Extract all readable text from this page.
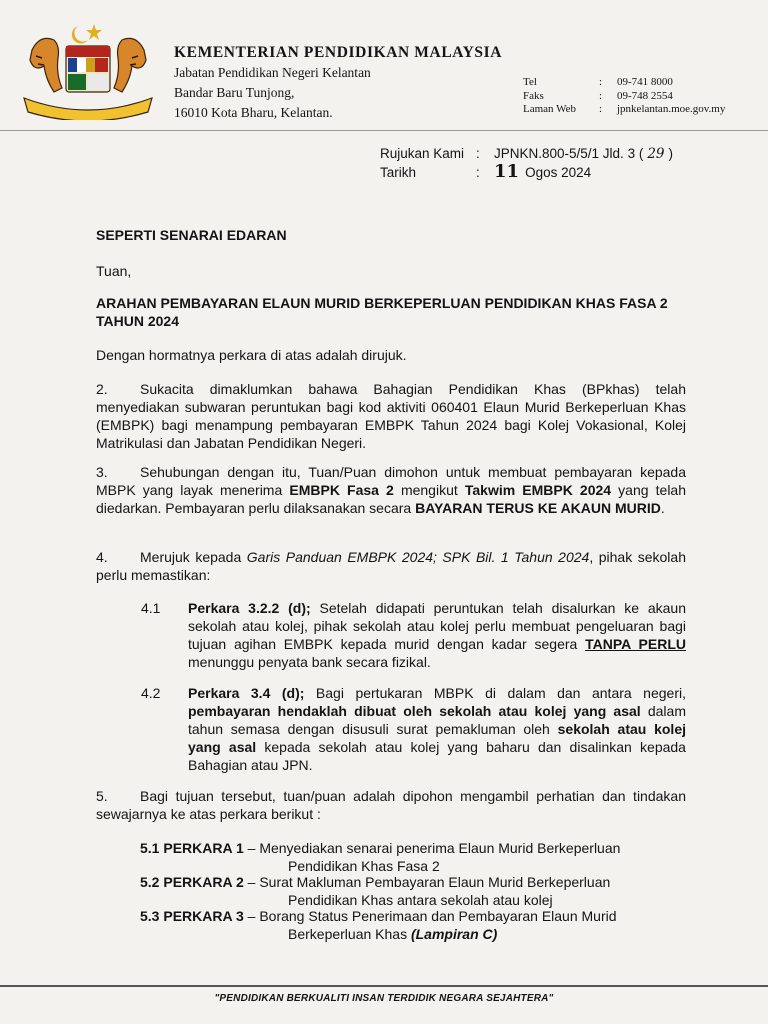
KEMENTERIAN PENDIDIKAN MALAYSIA
Jabatan Pendidikan Negeri Kelantan
Bandar Baru Tunjong,
16010 Kota Bharu, Kelantan.
Tel	:	09-741 8000
Faks	:	09-748 2554
Laman Web	:	jpnkelantan.moe.gov.my
Rujukan Kami :	JPNKN.800-5/5/1 Jld. 3 ( 29 )
Tarikh	: 11 Ogos 2024
SEPERTI SENARAI EDARAN
Tuan,
ARAHAN PEMBAYARAN ELAUN MURID BERKEPERLUAN PENDIDIKAN KHAS FASA 2 TAHUN 2024
Dengan hormatnya perkara di atas adalah dirujuk.
2. Sukacita dimaklumkan bahawa Bahagian Pendidikan Khas (BPkhas) telah menyediakan subwaran peruntukan bagi kod aktiviti 060401 Elaun Murid Berkeperluan Khas (EMBPK) bagi menampung pembayaran EMBPK Tahun 2024 bagi Kolej Vokasional, Kolej Matrikulasi dan Jabatan Pendidikan Negeri.
3. Sehubungan dengan itu, Tuan/Puan dimohon untuk membuat pembayaran kepada MBPK yang layak menerima EMBPK Fasa 2 mengikut Takwim EMBPK 2024 yang telah diedarkan. Pembayaran perlu dilaksanakan secara BAYARAN TERUS KE AKAUN MURID.
4. Merujuk kepada Garis Panduan EMBPK 2024; SPK Bil. 1 Tahun 2024, pihak sekolah perlu memastikan:
4.1 Perkara 3.2.2 (d); Setelah didapati peruntukan telah disalurkan ke akaun sekolah atau kolej, pihak sekolah atau kolej perlu membuat pengeluaran bagi tujuan agihan EMBPK kepada murid dengan kadar segera TANPA PERLU menunggu penyata bank secara fizikal.
4.2 Perkara 3.4 (d); Bagi pertukaran MBPK di dalam dan antara negeri, pembayaran hendaklah dibuat oleh sekolah atau kolej yang asal dalam tahun semasa dengan disusuli surat pemakluman oleh sekolah atau kolej yang asal kepada sekolah atau kolej yang baharu dan disalinkan kepada Bahagian atau JPN.
5. Bagi tujuan tersebut, tuan/puan adalah dipohon mengambil perhatian dan tindakan sewajarnya ke atas perkara berikut :
5.1 PERKARA 1 – Menyediakan senarai penerima Elaun Murid Berkeperluan
Pendidikan Khas Fasa 2
5.2 PERKARA 2 – Surat Makluman Pembayaran Elaun Murid Berkeperluan
Pendidikan Khas antara sekolah atau kolej
5.3 PERKARA 3 – Borang Status Penerimaan dan Pembayaran Elaun Murid
Berkeperluan Khas (Lampiran C)
"PENDIDIKAN BERKUALITI INSAN TERDIDIK NEGARA SEJAHTERA"
